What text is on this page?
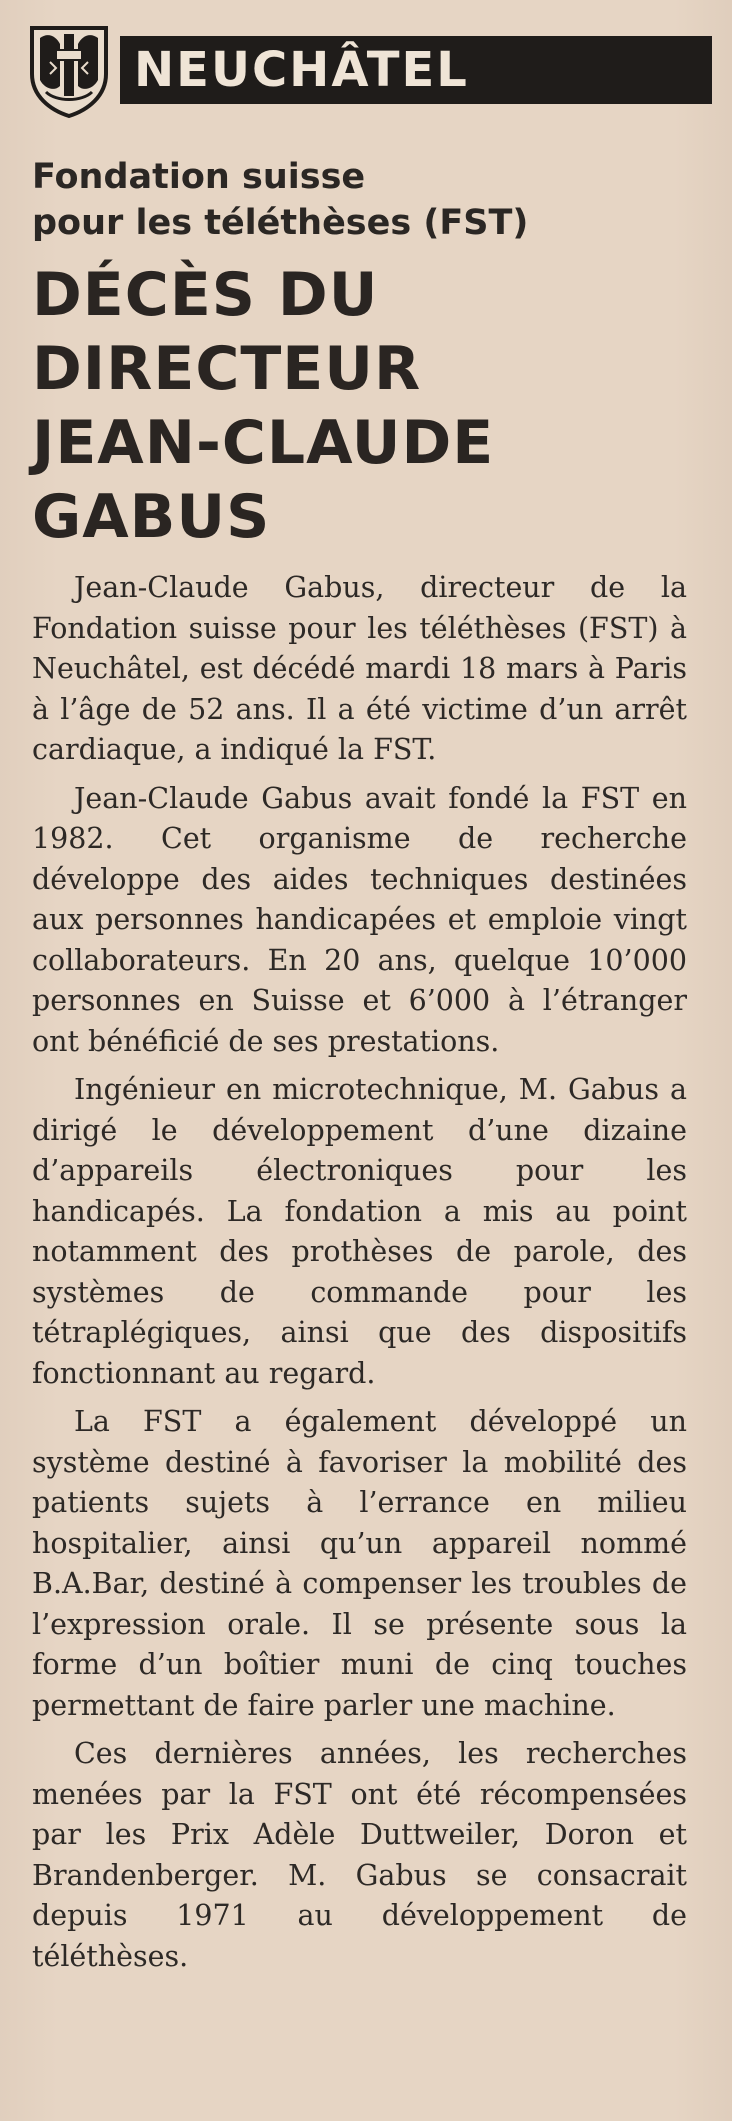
NEUCHÂTEL
Fondation suisse
pour les téléthèses (FST)
DÉCÈS DU
DIRECTEUR
JEAN-CLAUDE
GABUS

Jean-Claude Gabus, directeur de la Fondation suisse pour les téléthèses (FST) à Neuchâtel, est décédé mardi 18 mars à Paris à l’âge de 52 ans. Il a été victime d’un arrêt cardiaque, a indiqué la FST.

Jean-Claude Gabus avait fondé la FST en 1982. Cet organisme de recherche développe des aides techniques destinées aux personnes handicapées et emploie vingt collaborateurs. En 20 ans, quelque 10’000 personnes en Suisse et 6’000 à l’étranger ont bénéficié de ses prestations.

Ingénieur en microtechnique, M. Gabus a dirigé le développement d’une dizaine d’appareils électroniques pour les handicapés. La fondation a mis au point notamment des prothèses de parole, des systèmes de commande pour les tétraplégiques, ainsi que des dispositifs fonctionnant au regard.

La FST a également développé un système destiné à favoriser la mobilité des patients sujets à l’errance en milieu hospitalier, ainsi qu’un appareil nommé B.A.Bar, destiné à compenser les troubles de l’expression orale. Il se présente sous la forme d’un boîtier muni de cinq touches permettant de faire parler une machine.

Ces dernières années, les recherches menées par la FST ont été récompensées par les Prix Adèle Duttweiler, Doron et Brandenberger. M. Gabus se consacrait depuis 1971 au développement de téléthèses.
